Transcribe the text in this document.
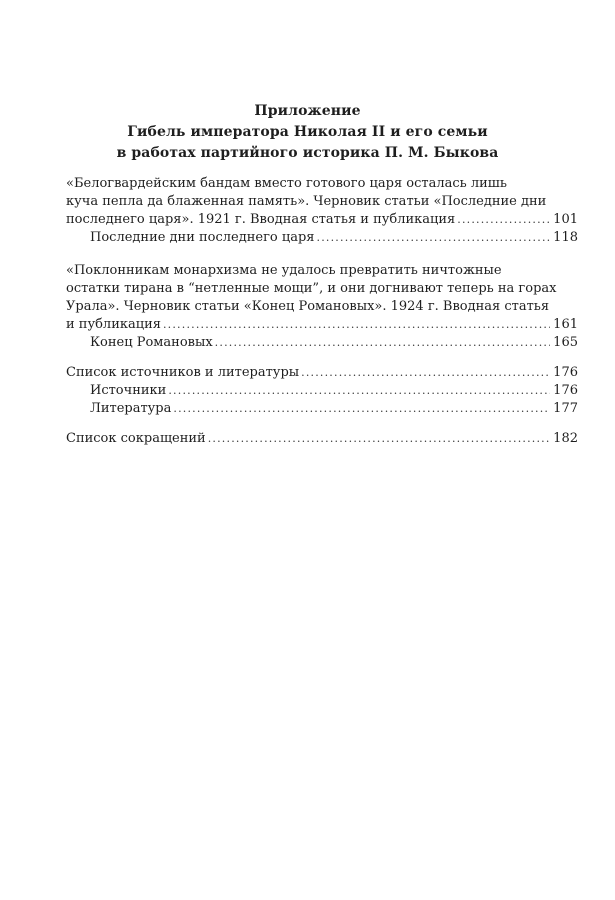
Приложение
Гибель императора Николая II и его семьи
в работах партийного историка П. М. Быкова
«Белогвардейским бандам вместо готового царя осталась лишь
куча пепла да блаженная память». Черновик статьи «Последние дни
последнего царя». 1921 г. Вводная статья и публикация .....	101
Последние дни последнего царя .....	118
«Поклонникам монархизма не удалось превратить ничтожные
остатки тирана в “нетленные мощи”, и они догнивают теперь на горах
Урала». Черновик статьи «Конец Романовых». 1924 г. Вводная статья
и публикация .....	161
Конец Романовых .....	165
Список источников и литературы .....	176
Источники .....	176
Литература .....	177
Список сокращений .....	182
